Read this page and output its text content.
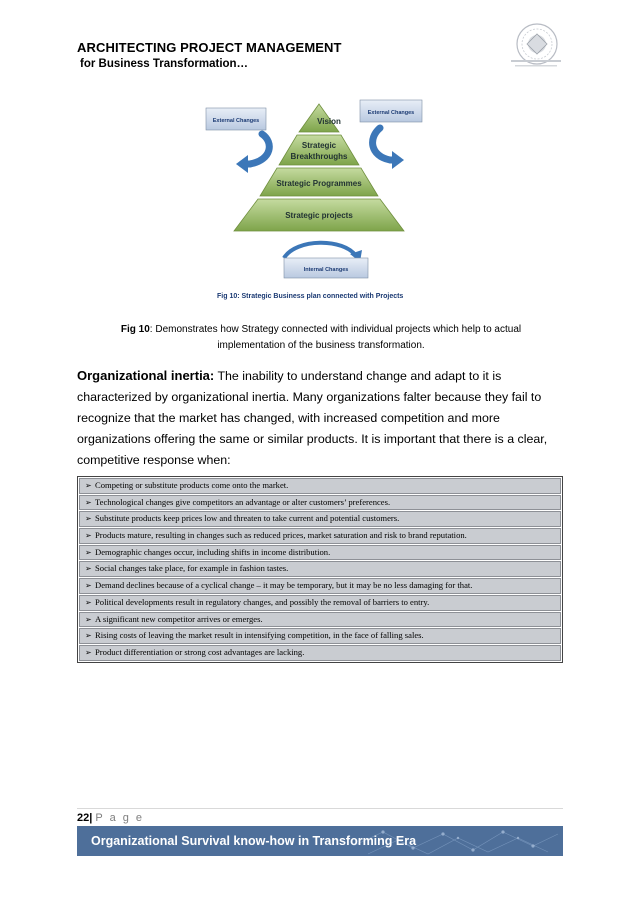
ARCHITECTING PROJECT MANAGEMENT
for Business Transformation…
External Changes
External Changes
Vision
Strategic
Breakthroughs
Strategic Programmes
Strategic projects
Internal Changes
Fig 10: Strategic Business plan connected with Projects
Fig 10: Demonstrates how Strategy connected with individual projects which help to actual implementation of the business transformation.
Organizational inertia: The inability to understand change and adapt to it is characterized by organizational inertia. Many organizations falter because they fail to recognize that the market has changed, with increased competition and more organizations offering the same or similar products. It is important that there is a clear, competitive response when:
➢ Competing or substitute products come onto the market.
➢ Technological changes give competitors an advantage or alter customers’ preferences.
➢ Substitute products keep prices low and threaten to take current and potential customers.
➢ Products mature, resulting in changes such as reduced prices, market saturation and risk to brand reputation.
➢ Demographic changes occur, including shifts in income distribution.
➢ Social changes take place, for example in fashion tastes.
➢ Demand declines because of a cyclical change – it may be temporary, but it may be no less damaging for that.
➢ Political developments result in regulatory changes, and possibly the removal of barriers to entry.
➢ A significant new competitor arrives or emerges.
➢ Rising costs of leaving the market result in intensifying competition, in the face of falling sales.
➢ Product differentiation or strong cost advantages are lacking.
22| P a g e
Organizational Survival know-how in Transforming Era
